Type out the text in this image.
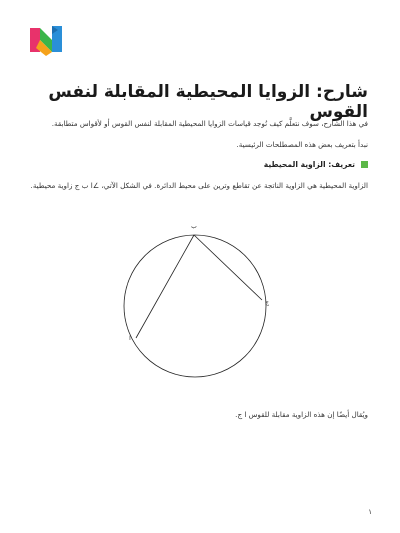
شارح: الزوايا المحيطية المقابلة لنفس القوس
في هذا الشارح، سوف نتعلَّم كيف نُوجد قياسات الزوايا المحيطية المقابلة لنفس القوس أو لأقواس متطابقة.
نبدأ بتعريف بعض هذه المصطلحات الرئيسية.
تعريف: الزاوية المحيطية
الزاوية المحيطية هي الزاوية الناتجة عن تقاطع وترين على محيط الدائرة. في الشكل الآتي، ∠ا ب ج زاوية محيطية.
ب
ا
ج
ويُقال أيضًا إن هذه الزاوية مقابلة للقوس ا ج.
١
